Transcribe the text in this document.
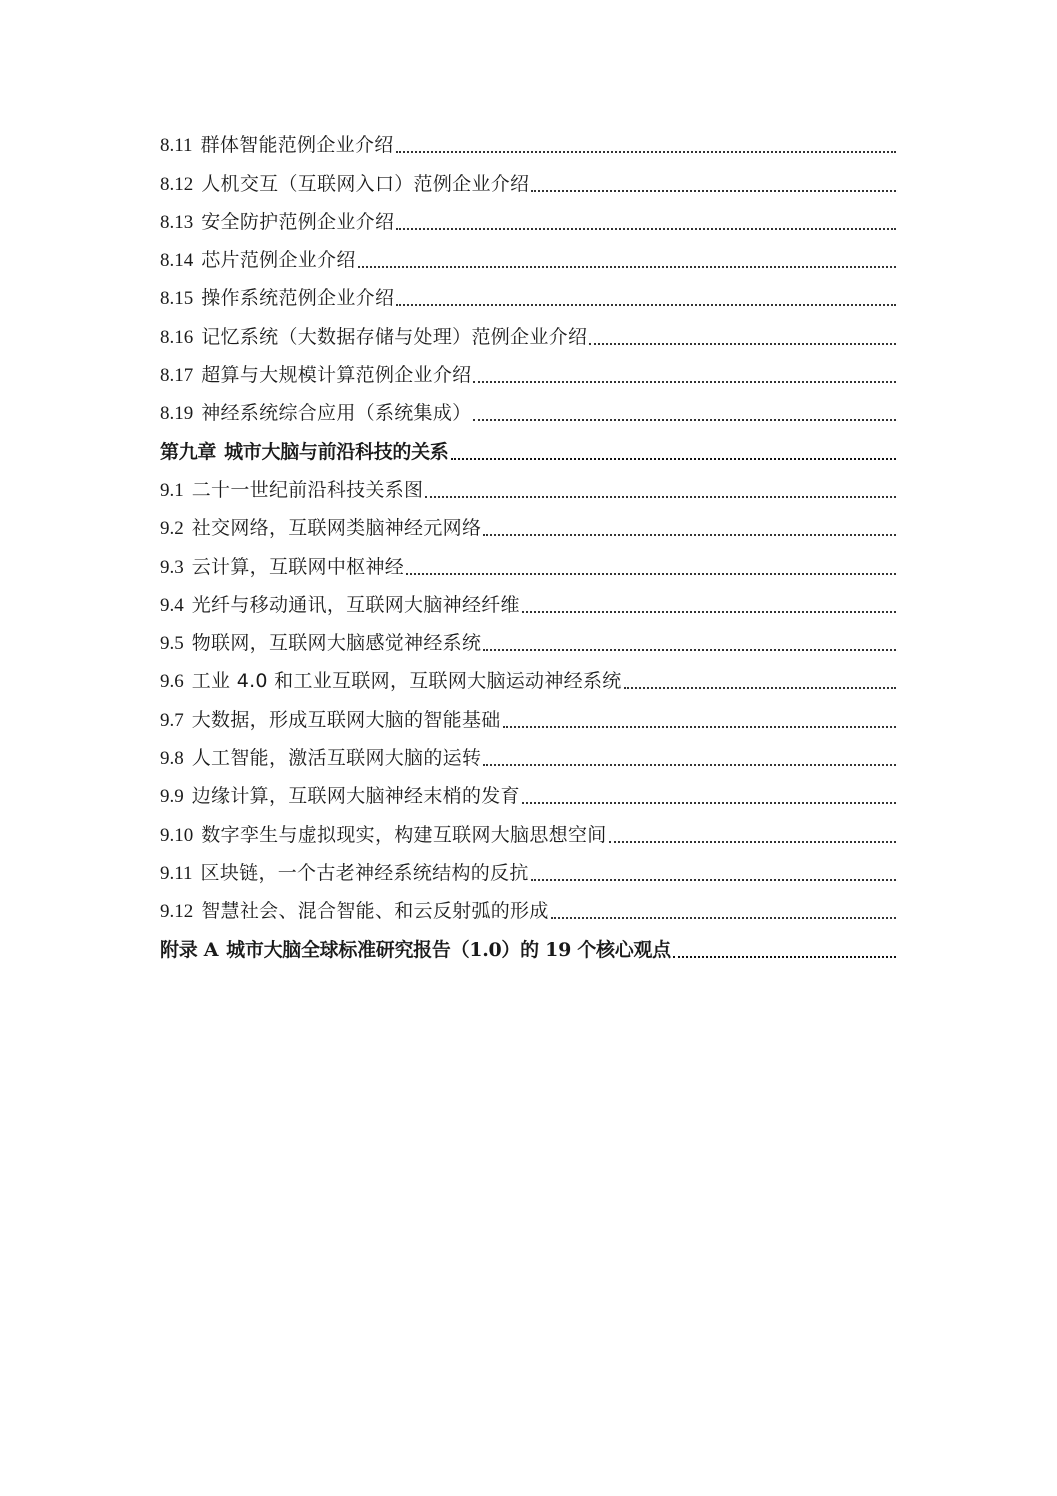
8.11 群体智能范例企业介绍
8.12 人机交互（互联网入口）范例企业介绍
8.13 安全防护范例企业介绍
8.14 芯片范例企业介绍
8.15 操作系统范例企业介绍
8.16 记忆系统（大数据存储与处理）范例企业介绍
8.17 超算与大规模计算范例企业介绍
8.19 神经系统综合应用（系统集成）
第九章 城市大脑与前沿科技的关系
9.1 二十一世纪前沿科技关系图
9.2 社交网络，互联网类脑神经元网络
9.3 云计算，互联网中枢神经
9.4 光纤与移动通讯，互联网大脑神经纤维
9.5 物联网，互联网大脑感觉神经系统
9.6 工业 4.0 和工业互联网，互联网大脑运动神经系统
9.7 大数据，形成互联网大脑的智能基础
9.8 人工智能，激活互联网大脑的运转
9.9 边缘计算，互联网大脑神经末梢的发育
9.10 数字孪生与虚拟现实，构建互联网大脑思想空间
9.11 区块链，一个古老神经系统结构的反抗
9.12 智慧社会、混合智能、和云反射弧的形成
附录 A 城市大脑全球标准研究报告（1.0）的 19 个核心观点
